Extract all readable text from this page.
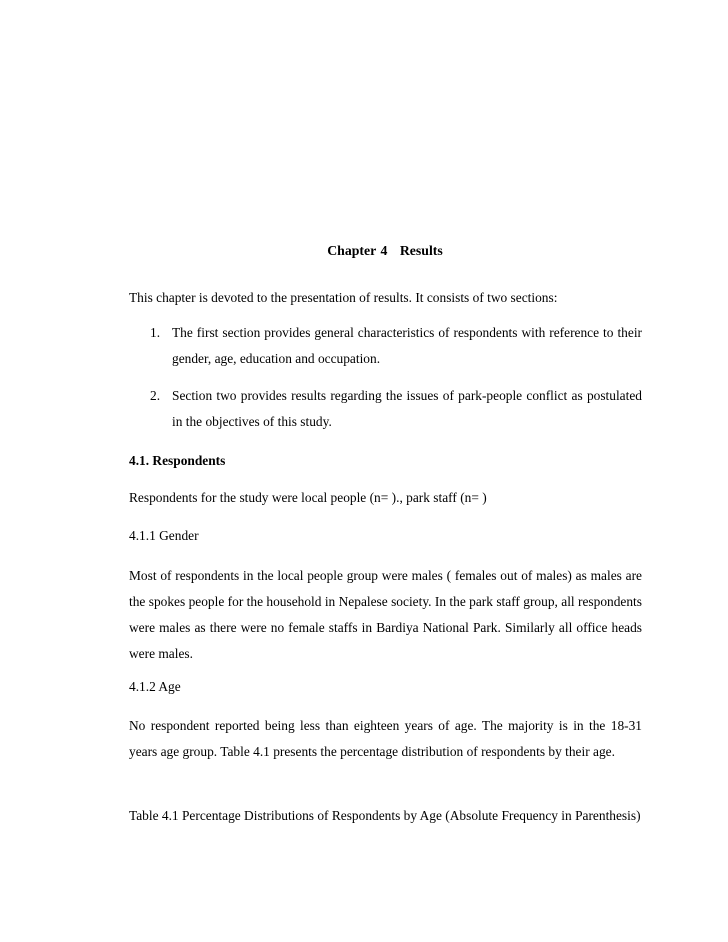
Chapter 4 Results

This chapter is devoted to the presentation of results. It consists of two sections:

1. The first section provides general characteristics of respondents with reference to their gender, age, education and occupation.
2. Section two provides results regarding the issues of park-people conflict as postulated in the objectives of this study.

4.1. Respondents

Respondents for the study were local people (n= )., park staff (n= )

4.1.1 Gender

Most of respondents in the local people group were males ( females out of males) as males are the spokes people for the household in Nepalese society. In the park staff group, all respondents were males as there were no female staffs in Bardiya National Park. Similarly all office heads were males.

4.1.2 Age

No respondent reported being less than eighteen years of age. The majority is in the 18-31 years age group. Table 4.1 presents the percentage distribution of respondents by their age.

Table 4.1 Percentage Distributions of Respondents by Age (Absolute Frequency in Parenthesis)
